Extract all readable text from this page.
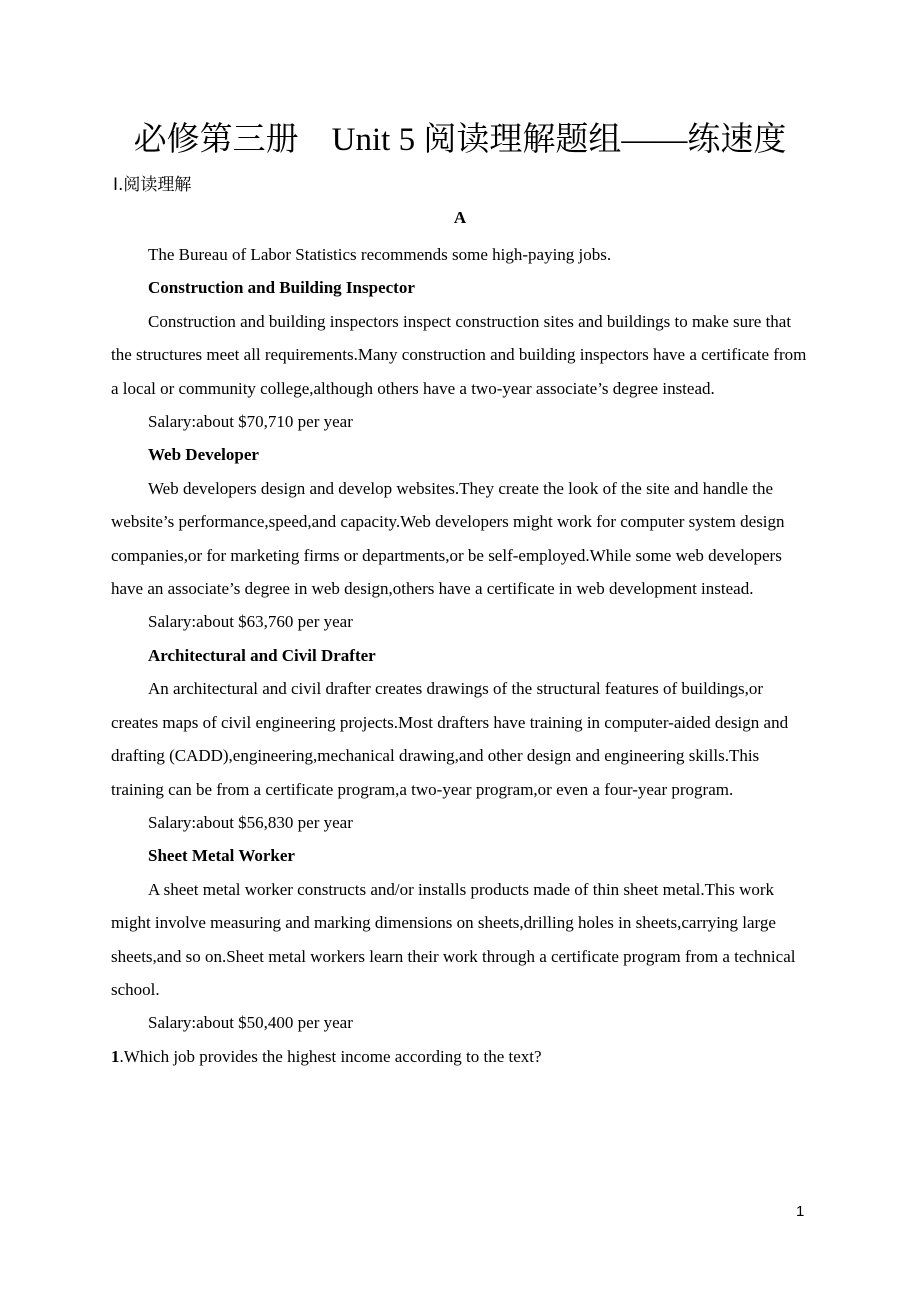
必修第三册　Unit 5 阅读理解题组——练速度
Ⅰ.阅读理解
A

The Bureau of Labor Statistics recommends some high-paying jobs.

Construction and Building Inspector

Construction and building inspectors inspect construction sites and buildings to make sure that the structures meet all requirements.Many construction and building inspectors have a certificate from a local or community college,although others have a two-year associate’s degree instead.

Salary:about $70,710 per year

Web Developer

Web developers design and develop websites.They create the look of the site and handle the website’s performance,speed,and capacity.Web developers might work for computer system design companies,or for marketing firms or departments,or be self-employed.While some web developers have an associate’s degree in web design,others have a certificate in web development instead.

Salary:about $63,760 per year

Architectural and Civil Drafter

An architectural and civil drafter creates drawings of the structural features of buildings,or creates maps of civil engineering projects.Most drafters have training in computer-aided design and drafting (CADD),engineering,mechanical drawing,and other design and engineering skills.This training can be from a certificate program,a two-year program,or even a four-year program.

Salary:about $56,830 per year

Sheet Metal Worker

A sheet metal worker constructs and/or installs products made of thin sheet metal.This work might involve measuring and marking dimensions on sheets,drilling holes in sheets,carrying large sheets,and so on.Sheet metal workers learn their work through a certificate program from a technical school.

Salary:about $50,400 per year

1.Which job provides the highest income according to the text?

1
